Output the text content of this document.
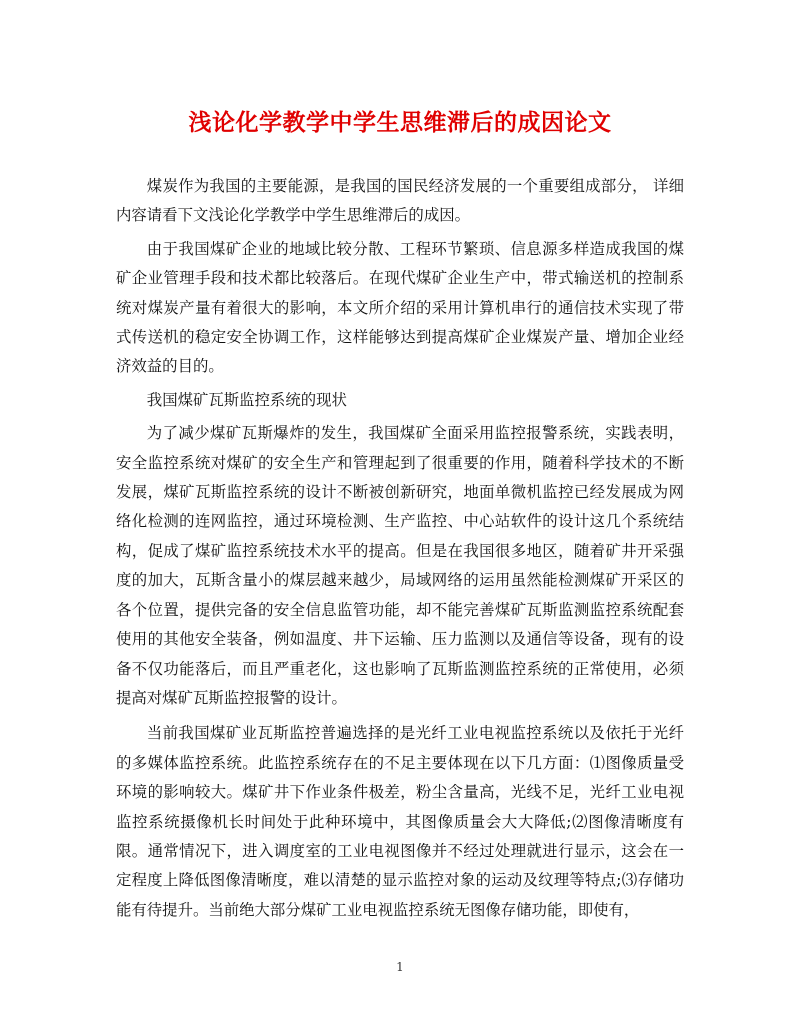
浅论化学教学中学生思维滞后的成因论文

煤炭作为我国的主要能源，是我国的国民经济发展的一个重要组成部分， 详细内容请看下文浅论化学教学中学生思维滞后的成因。

由于我国煤矿企业的地域比较分散、工程环节繁琐、信息源多样造成我国的煤矿企业管理手段和技术都比较落后。在现代煤矿企业生产中，带式输送机的控制系统对煤炭产量有着很大的影响，本文所介绍的采用计算机串行的通信技术实现了带式传送机的稳定安全协调工作，这样能够达到提高煤矿企业煤炭产量、增加企业经济效益的目的。

我国煤矿瓦斯监控系统的现状

为了减少煤矿瓦斯爆炸的发生，我国煤矿全面采用监控报警系统，实践表明，安全监控系统对煤矿的安全生产和管理起到了很重要的作用，随着科学技术的不断发展，煤矿瓦斯监控系统的设计不断被创新研究，地面单微机监控已经发展成为网络化检测的连网监控，通过环境检测、生产监控、中心站软件的设计这几个系统结构，促成了煤矿监控系统技术水平的提高。但是在我国很多地区，随着矿井开采强度的加大，瓦斯含量小的煤层越来越少，局域网络的运用虽然能检测煤矿开采区的各个位置，提供完备的安全信息监管功能，却不能完善煤矿瓦斯监测监控系统配套使用的其他安全装备，例如温度、井下运输、压力监测以及通信等设备，现有的设备不仅功能落后，而且严重老化，这也影响了瓦斯监测监控系统的正常使用，必须提高对煤矿瓦斯监控报警的设计。

当前我国煤矿业瓦斯监控普遍选择的是光纤工业电视监控系统以及依托于光纤的多媒体监控系统。此监控系统存在的不足主要体现在以下几方面：⑴图像质量受环境的影响较大。煤矿井下作业条件极差，粉尘含量高，光线不足，光纤工业电视监控系统摄像机长时间处于此种环境中，其图像质量会大大降低;⑵图像清晰度有限。通常情况下，进入调度室的工业电视图像并不经过处理就进行显示，这会在一定程度上降低图像清晰度，难以清楚的显示监控对象的运动及纹理等特点;⑶存储功能有待提升。当前绝大部分煤矿工业电视监控系统无图像存储功能，即使有，

1
